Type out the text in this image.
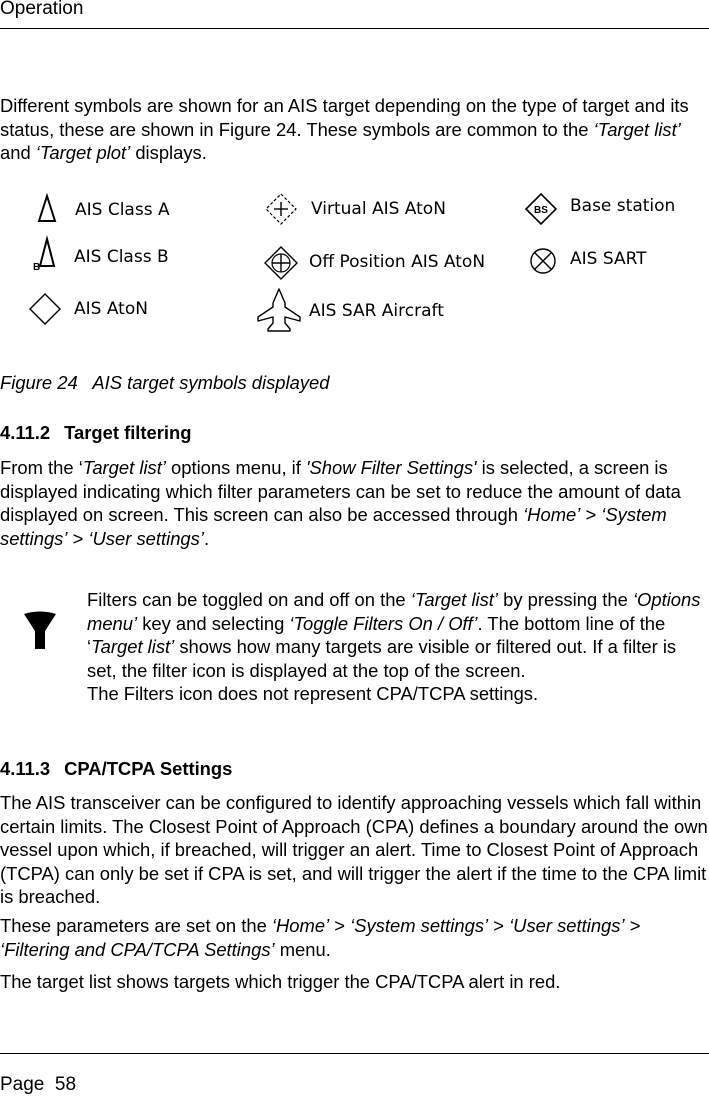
Operation

Different symbols are shown for an AIS target depending on the type of target and its status, these are shown in Figure 24. These symbols are common to the ‘Target list’ and ‘Target plot’ displays.

AIS Class A
B
AIS Class B
AIS AtoN
Virtual AIS AtoN
Off Position AIS AtoN
AIS SAR Aircraft
BS Base station
AIS SART
Figure 24   AIS target symbols displayed
4.11.2 Target filtering

From the ‘Target list’ options menu, if 'Show Filter Settings' is selected, a screen is displayed indicating which filter parameters can be set to reduce the amount of data displayed on screen. This screen can also be accessed through ‘Home’ > ‘System settings’ > ‘User settings’.

Filters can be toggled on and off on the ‘Target list’ by pressing the ‘Options menu’ key and selecting ‘Toggle Filters On / Off’. The bottom line of the ‘Target list’ shows how many targets are visible or filtered out. If a filter is set, the filter icon is displayed at the top of the screen.
The Filters icon does not represent CPA/TCPA settings.

4.11.3 CPA/TCPA Settings

The AIS transceiver can be configured to identify approaching vessels which fall within certain limits. The Closest Point of Approach (CPA) defines a boundary around the own vessel upon which, if breached, will trigger an alert. Time to Closest Point of Approach (TCPA) can only be set if CPA is set, and will trigger the alert if the time to the CPA limit is breached.

These parameters are set on the ‘Home’ > ‘System settings’ > ‘User settings’ > ‘Filtering and CPA/TCPA Settings’ menu.

The target list shows targets which trigger the CPA/TCPA alert in red.

Page  58
